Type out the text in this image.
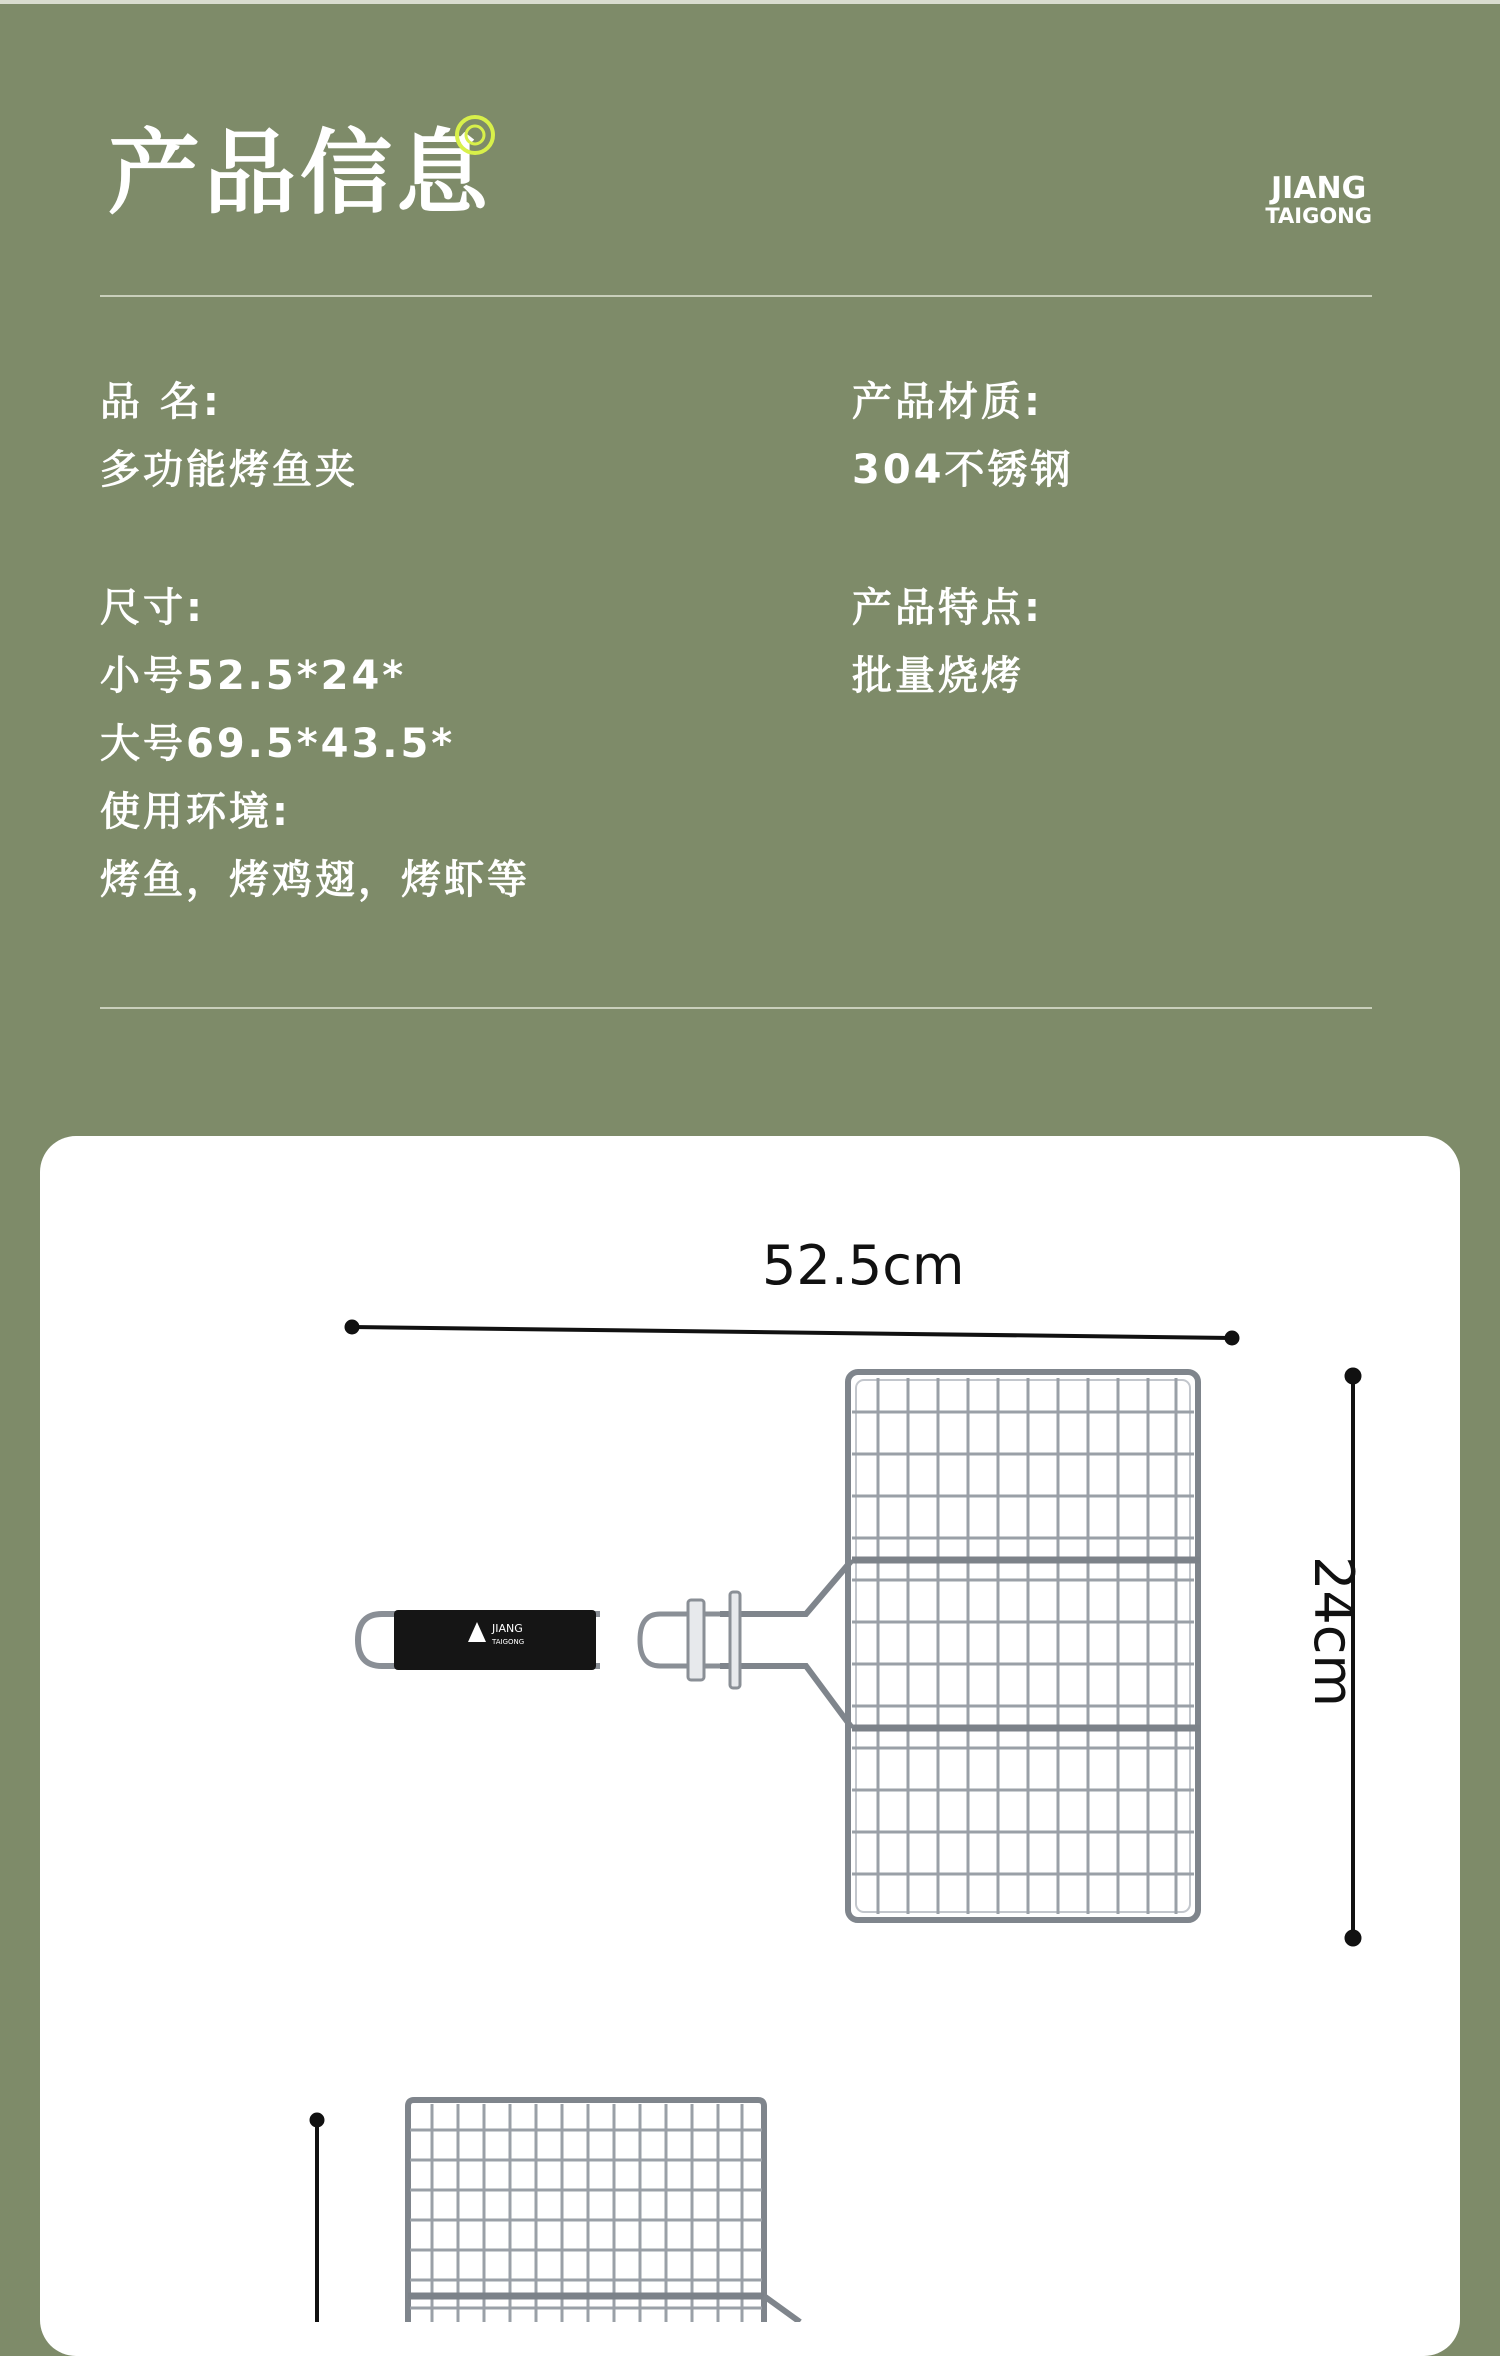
产品信息	JIANG
TAIGONG
品 名:
多功能烤鱼夹
尺寸:
小号52.5*24*
大号69.5*43.5*
使用环境:
烤鱼，烤鸡翅，烤虾等
产品材质:
304不锈钢
产品特点:
批量烧烤
JIANG
TAIGONG
52.5cm
24cm
